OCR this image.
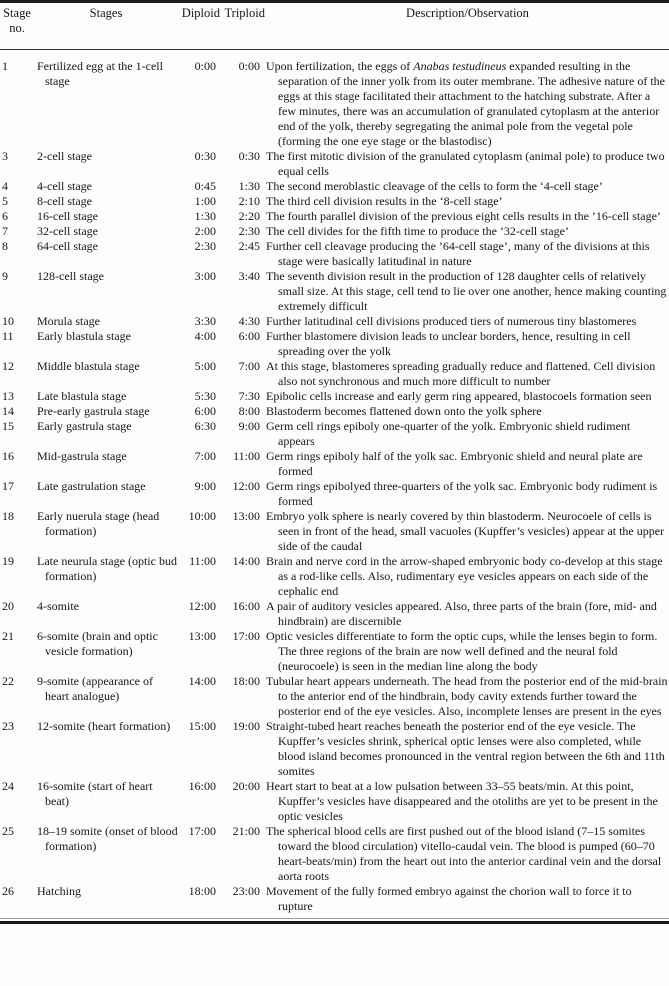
Stage no.	Stages	Diploid	Triploid	Description/Observation
1	Fertilized egg at the 1-cell stage	0:00	0:00	Upon fertilization, the eggs of Anabas testudineus expanded resulting in the separation of the inner yolk from its outer membrane. The adhesive nature of the eggs at this stage facilitated their attachment to the hatching substrate. After a few minutes, there was an accumulation of granulated cytoplasm at the anterior end of the yolk, thereby segregating the animal pole from the vegetal pole (forming the one eye stage or the blastodisc)
3	2-cell stage	0:30	0:30	The first mitotic division of the granulated cytoplasm (animal pole) to produce two equal cells
4	4-cell stage	0:45	1:30	The second meroblastic cleavage of the cells to form the ‘4-cell stage’
5	8-cell stage	1:00	2:10	The third cell division results in the ‘8-cell stage’
6	16-cell stage	1:30	2:20	The fourth parallel division of the previous eight cells results in the ’16-cell stage’
7	32-cell stage	2:00	2:30	The cell divides for the fifth time to produce the ’32-cell stage’
8	64-cell stage	2:30	2:45	Further cell cleavage producing the ’64-cell stage’, many of the divisions at this stage were basically latitudinal in nature
9	128-cell stage	3:00	3:40	The seventh division result in the production of 128 daughter cells of relatively small size. At this stage, cell tend to lie over one another, hence making counting extremely difficult
10	Morula stage	3:30	4:30	Further latitudinal cell divisions produced tiers of numerous tiny blastomeres
11	Early blastula stage	4:00	6:00	Further blastomere division leads to unclear borders, hence, resulting in cell spreading over the yolk
12	Middle blastula stage	5:00	7:00	At this stage, blastomeres spreading gradually reduce and flattened. Cell division also not synchronous and much more difficult to number
13	Late blastula stage	5:30	7:30	Epibolic cells increase and early germ ring appeared, blastocoels formation seen
14	Pre-early gastrula stage	6:00	8:00	Blastoderm becomes flattened down onto the yolk sphere
15	Early gastrula stage	6:30	9:00	Germ cell rings epiboly one-quarter of the yolk. Embryonic shield rudiment appears
16	Mid-gastrula stage	7:00	11:00	Germ rings epiboly half of the yolk sac. Embryonic shield and neural plate are formed
17	Late gastrulation stage	9:00	12:00	Germ rings epibolyed three-quarters of the yolk sac. Embryonic body rudiment is formed
18	Early nuerula stage (head formation)	10:00	13:00	Embryo yolk sphere is nearly covered by thin blastoderm. Neurocoele of cells is seen in front of the head, small vacuoles (Kupffer’s vesicles) appear at the upper side of the caudal
19	Late neurula stage (optic bud formation)	11:00	14:00	Brain and nerve cord in the arrow-shaped embryonic body co-develop at this stage as a rod-like cells. Also, rudimentary eye vesicles appears on each side of the cephalic end
20	4-somite	12:00	16:00	A pair of auditory vesicles appeared. Also, three parts of the brain (fore, mid- and hindbrain) are discernible
21	6-somite (brain and optic vesicle formation)	13:00	17:00	Optic vesicles differentiate to form the optic cups, while the lenses begin to form. The three regions of the brain are now well defined and the neural fold (neurocoele) is seen in the median line along the body
22	9-somite (appearance of heart analogue)	14:00	18:00	Tubular heart appears underneath. The head from the posterior end of the mid-brain to the anterior end of the hindbrain, body cavity extends further toward the posterior end of the eye vesicles. Also, incomplete lenses are present in the eyes
23	12-somite (heart formation)	15:00	19:00	Straight-tubed heart reaches beneath the posterior end of the eye vesicle. The Kupffer’s vesicles shrink, spherical optic lenses were also completed, while blood island becomes pronounced in the ventral region between the 6th and 11th somites
24	16-somite (start of heart beat)	16:00	20:00	Heart start to beat at a low pulsation between 33–55 beats/min. At this point, Kupffer’s vesicles have disappeared and the otoliths are yet to be present in the optic vesicles
25	18–19 somite (onset of blood formation)	17:00	21:00	The spherical blood cells are first pushed out of the blood island (7–15 somites toward the blood circulation) vitello-caudal vein. The blood is pumped (60–70 heart-beats/min) from the heart out into the anterior cardinal vein and the dorsal aorta roots
26	Hatching	18:00	23:00	Movement of the fully formed embryo against the chorion wall to force it to rupture
